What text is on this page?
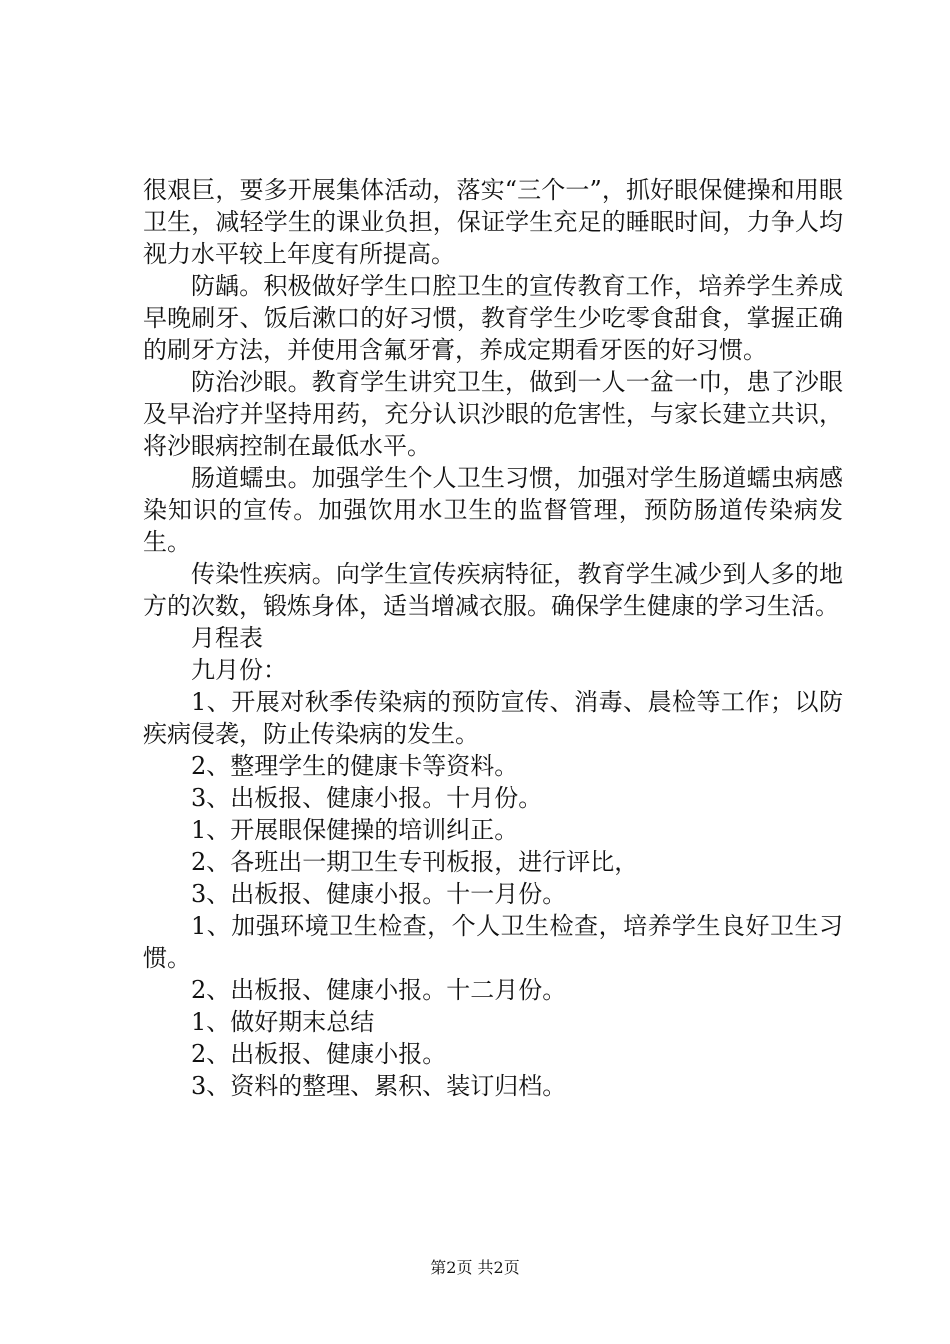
很艰巨，要多开展集体活动，落实“三个一”，抓好眼保健操和用眼卫生，减轻学生的课业负担，保证学生充足的睡眠时间，力争人均视力水平较上年度有所提高。

防龋。积极做好学生口腔卫生的宣传教育工作，培养学生养成早晚刷牙、饭后漱口的好习惯，教育学生少吃零食甜食，掌握正确的刷牙方法，并使用含氟牙膏，养成定期看牙医的好习惯。

防治沙眼。教育学生讲究卫生，做到一人一盆一巾，患了沙眼及早治疗并坚持用药，充分认识沙眼的危害性，与家长建立共识，将沙眼病控制在最低水平。

肠道蠕虫。加强学生个人卫生习惯，加强对学生肠道蠕虫病感染知识的宣传。加强饮用水卫生的监督管理，预防肠道传染病发生。

传染性疾病。向学生宣传疾病特征，教育学生减少到人多的地方的次数，锻炼身体，适当增减衣服。确保学生健康的学习生活。

月程表

九月份：

1、开展对秋季传染病的预防宣传、消毒、晨检等工作；以防疾病侵袭，防止传染病的发生。

2、整理学生的健康卡等资料。

3、出板报、健康小报。十月份。

1、开展眼保健操的培训纠正。

2、各班出一期卫生专刊板报，进行评比，

3、出板报、健康小报。十一月份。

1、加强环境卫生检查，个人卫生检查，培养学生良好卫生习惯。

2、出板报、健康小报。十二月份。

1、做好期末总结

2、出板报、健康小报。

3、资料的整理、累积、装订归档。

第2页 共2页
